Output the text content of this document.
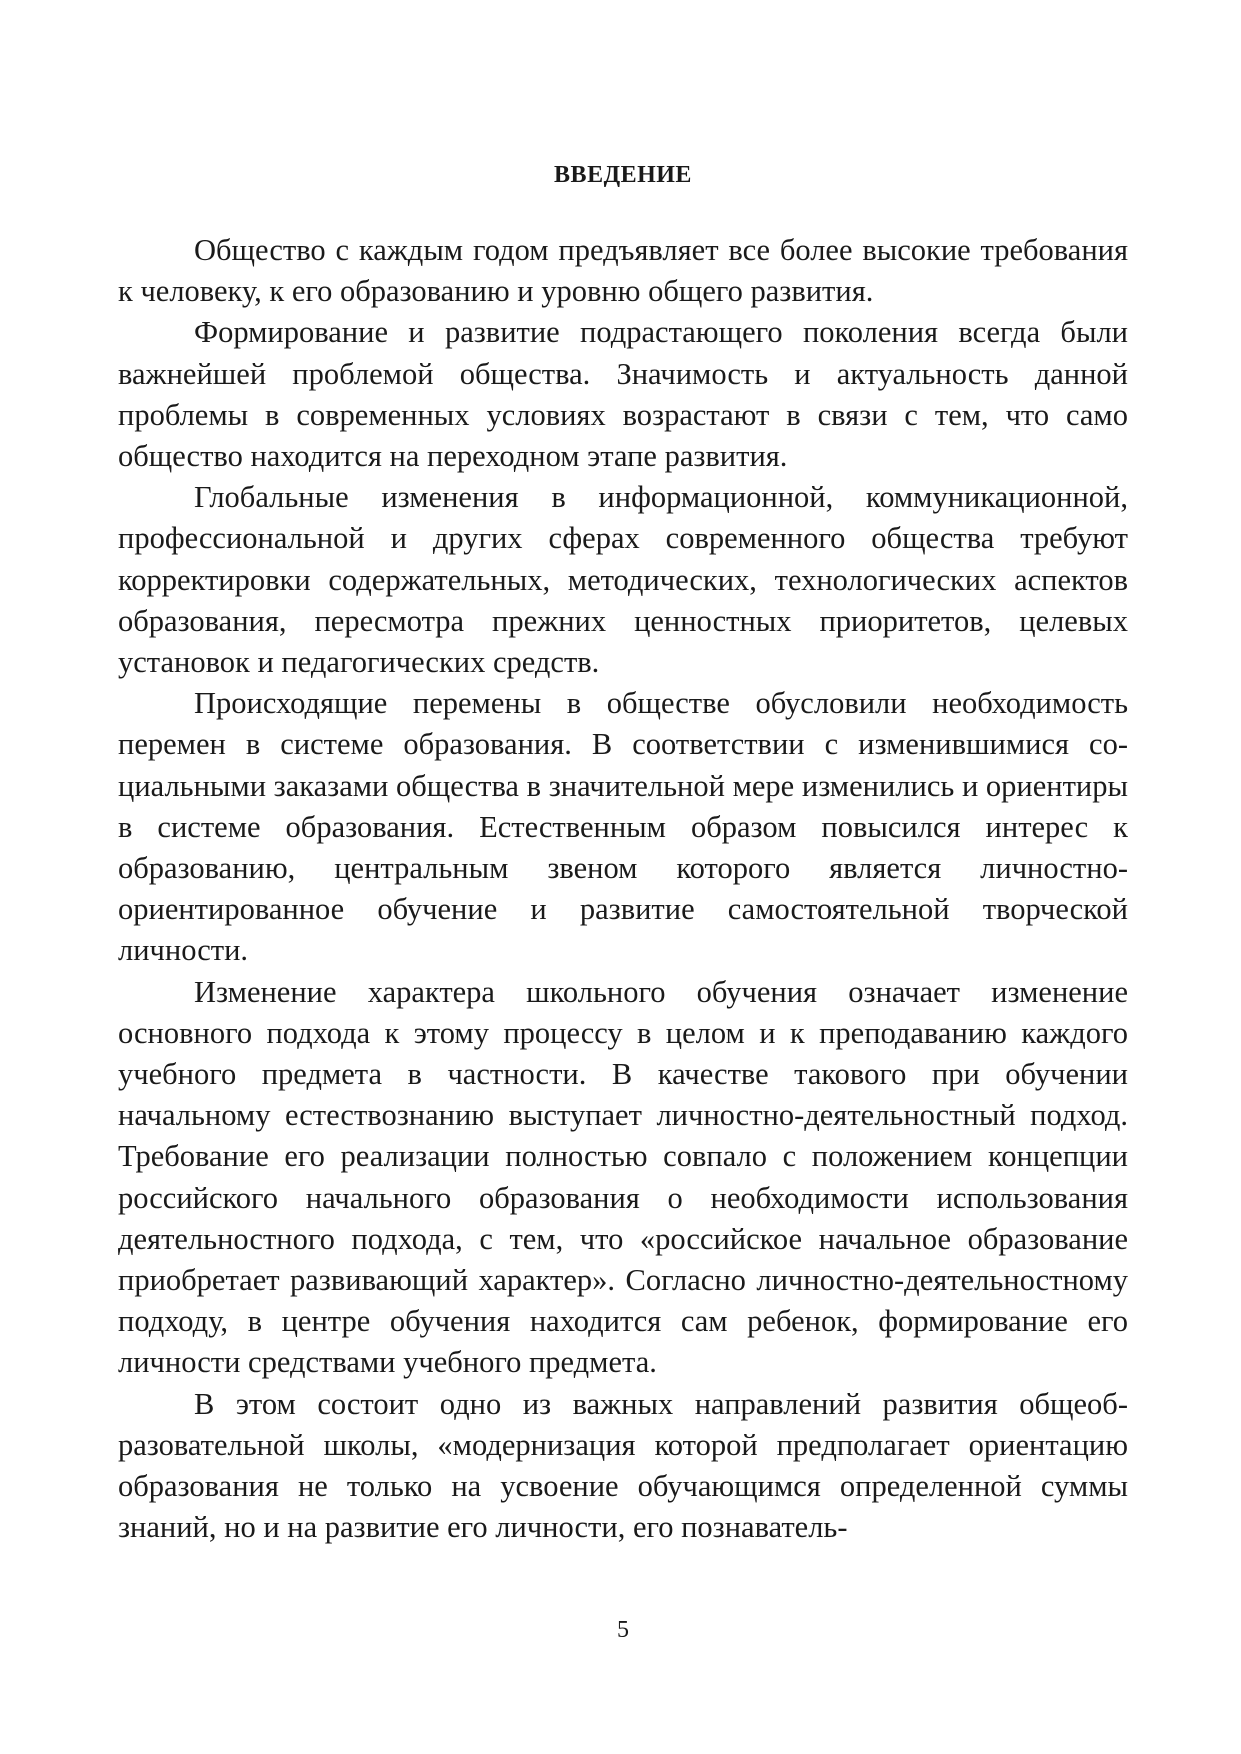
ВВЕДЕНИЕ

Общество с каждым годом предъявляет все более высокие требования к человеку, к его образованию и уровню общего развития.

Формирование и развитие подрастающего поколения всегда были важнейшей проблемой общества. Значимость и актуальность данной проблемы в современных условиях возрастают в связи с тем, что само общество находится на переходном этапе развития.

Глобальные изменения в информационной, коммуникационной, профессиональной и других сферах современного общества требуют корректировки содержательных, методических, технологических аспектов образования, пересмотра прежних ценностных приоритетов, целевых установок и педагогических средств.

Происходящие перемены в обществе обусловили необходимость перемен в системе образования. В соответствии с изменившимися социальными заказами общества в значительной мере изменились и ориентиры в системе образования. Естественным образом повысился интерес к образованию, центральным звеном которого является личностно-ориентированное обучение и развитие самостоятельной творческой личности.

Изменение характера школьного обучения означает изменение основного подхода к этому процессу в целом и к преподаванию каждого учебного предмета в частности. В качестве такового при обучении начальному естествознанию выступает личностно-деятельностный подход. Требование его реализации полностью совпало с положением концепции российского начального образования о необходимости использования деятельностного подхода, с тем, что «российское начальное образование приобретает развивающий характер». Согласно личностно-деятельностному подходу, в центре обучения находится сам ребенок, формирование его личности средствами учебного предмета.

В этом состоит одно из важных направлений развития общеобразовательной школы, «модернизация которой предполагает ориентацию образования не только на усвоение обучающимся определенной суммы знаний, но и на развитие его личности, его познаватель-

5
